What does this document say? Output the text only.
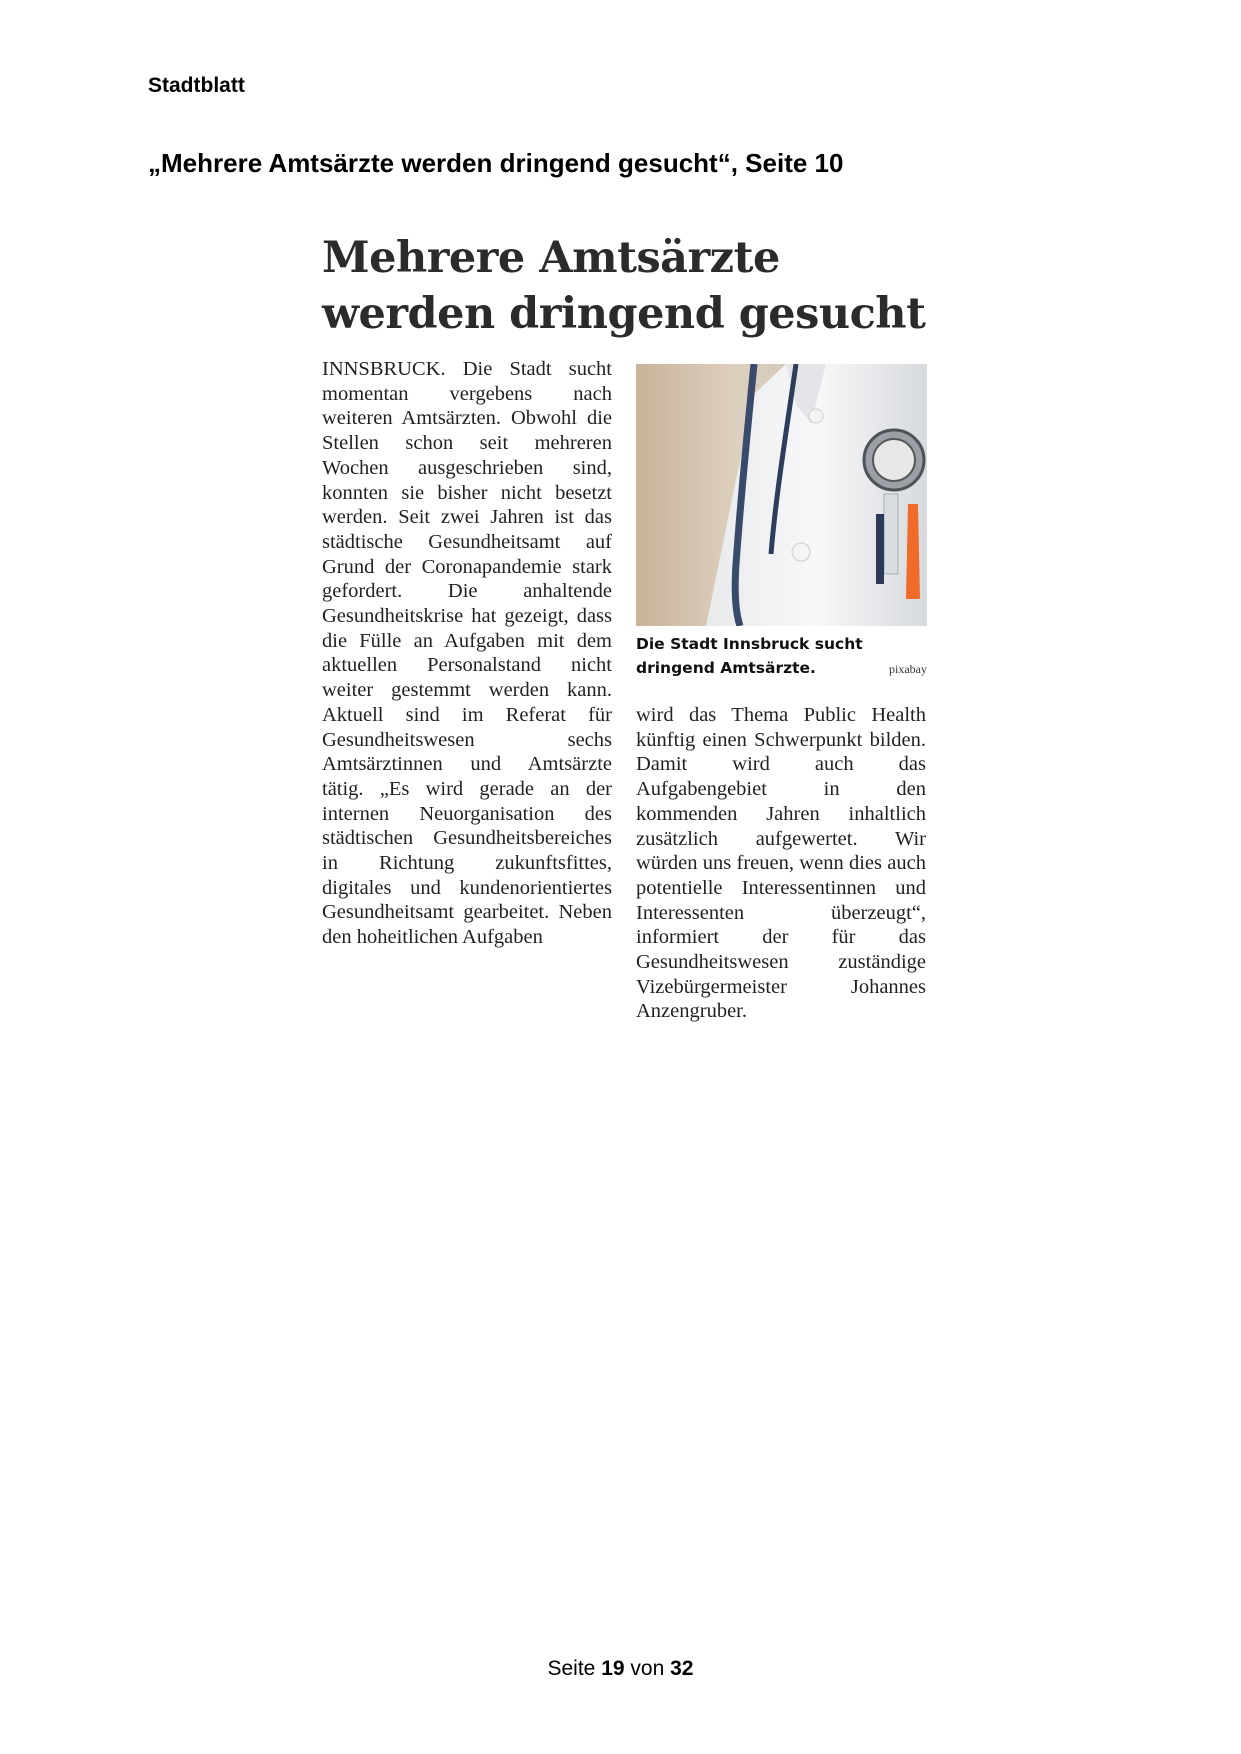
Stadtblatt
„Mehrere Amtsärzte werden dringend gesucht“, Seite 10
Mehrere Amtsärzte werden dringend gesucht

INNSBRUCK. Die Stadt sucht momentan vergebens nach weiteren Amtsärzten. Obwohl die Stellen schon seit mehreren Wochen ausgeschrieben sind, konnten sie bisher nicht besetzt werden. Seit zwei Jahren ist das städtische Gesundheitsamt auf Grund der Coronapandemie stark gefordert. Die anhaltende Gesundheitskrise hat gezeigt, dass die Fülle an Aufgaben mit dem aktuellen Personalstand nicht weiter gestemmt werden kann. Aktuell sind im Referat für Gesundheitswesen sechs Amtsärztinnen und Amtsärzte tätig. „Es wird gerade an der internen Neuorganisation des städtischen Gesundheitsbereiches in Richtung zukunftsfittes, digitales und kundenorientiertes Gesundheitsamt gearbeitet. Neben den hoheitlichen Aufgaben

Die Stadt Innsbruck sucht dringend Amtsärzte.	pixabay

wird das Thema Public Health künftig einen Schwerpunkt bilden. Damit wird auch das Aufgabengebiet in den kommenden Jahren inhaltlich zusätzlich aufgewertet. Wir würden uns freuen, wenn dies auch potentielle Interessentinnen und Interessenten überzeugt“, informiert der für das Gesundheitswesen zuständige Vizebürgermeister Johannes Anzengruber.

Seite 19 von 32
